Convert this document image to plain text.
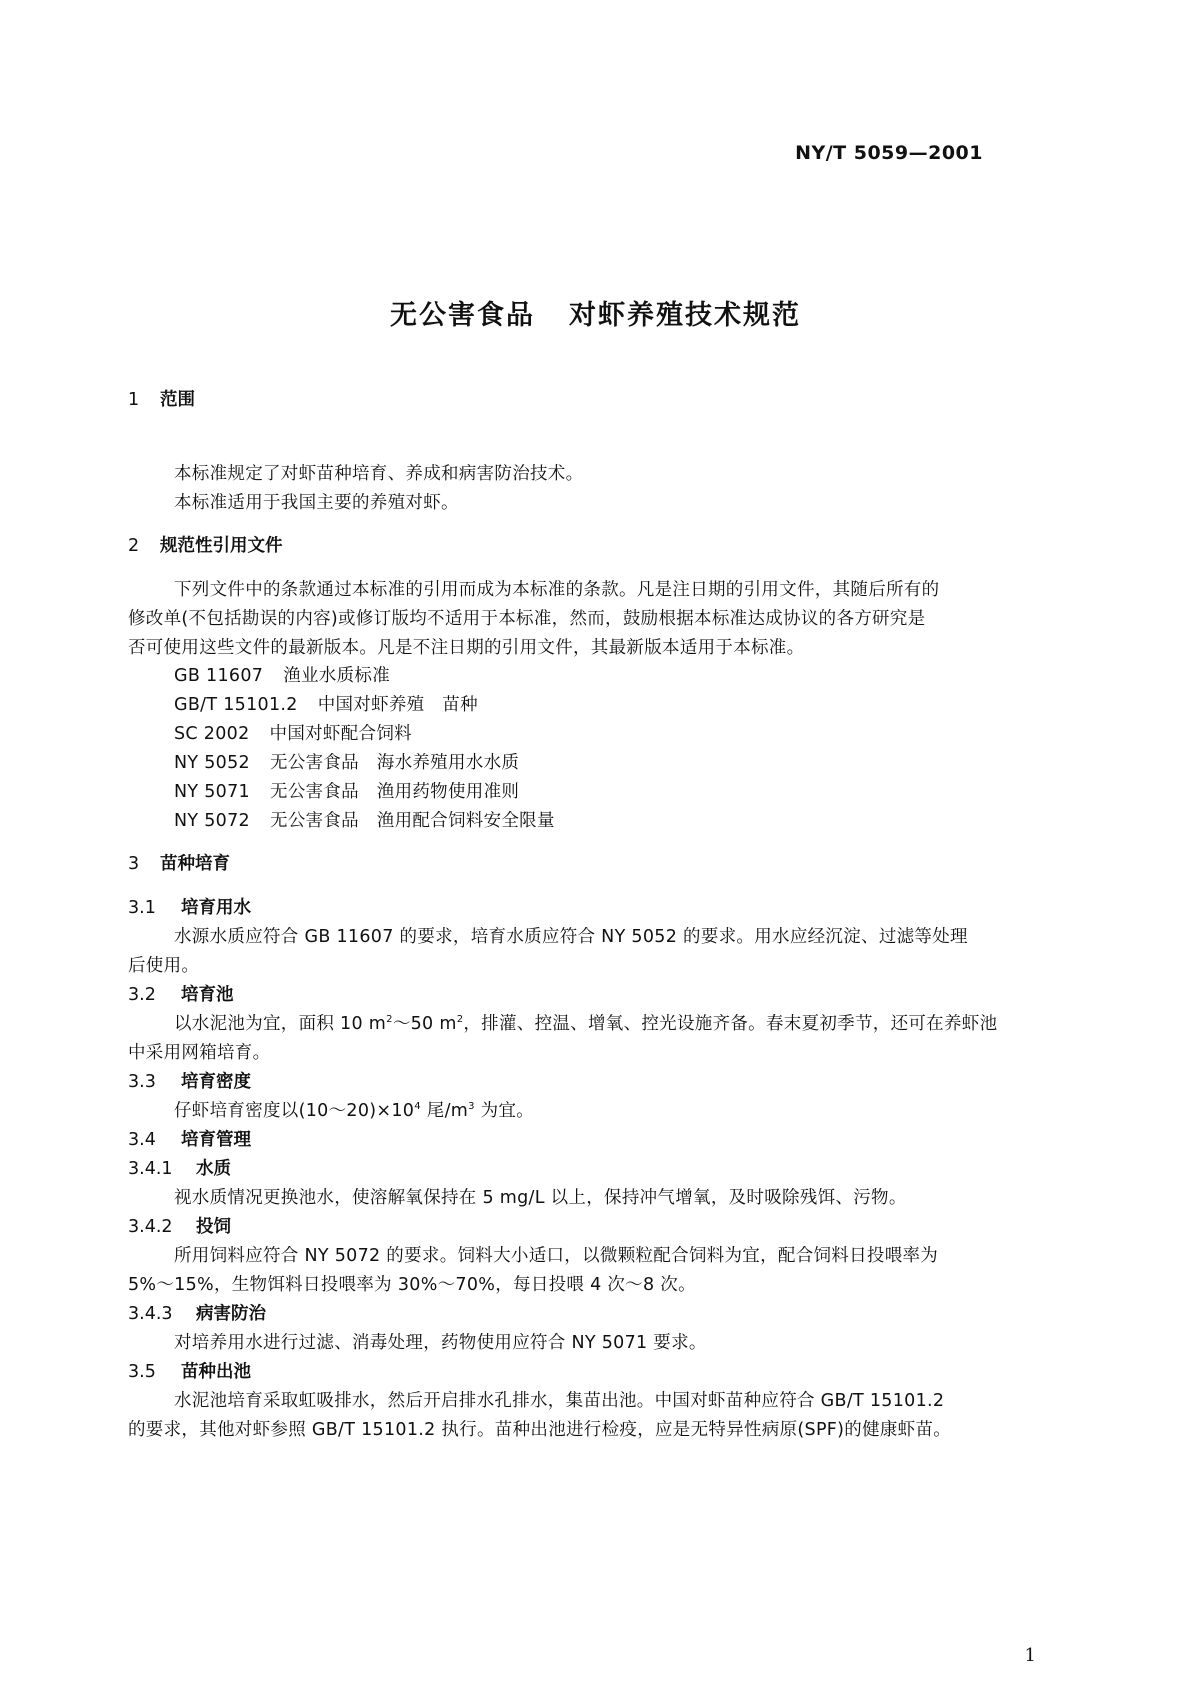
NY/T 5059—2001
无公害食品 对虾养殖技术规范
1 范围
本标准规定了对虾苗种培育、养成和病害防治技术。
本标准适用于我国主要的养殖对虾。
2 规范性引用文件
下列文件中的条款通过本标准的引用而成为本标准的条款。凡是注日期的引用文件，其随后所有的
修改单(不包括勘误的内容)或修订版均不适用于本标准，然而，鼓励根据本标准达成协议的各方研究是
否可使用这些文件的最新版本。凡是不注日期的引用文件，其最新版本适用于本标准。
GB 11607 渔业水质标准
GB/T 15101.2 中国对虾养殖　苗种
SC 2002 中国对虾配合饲料
NY 5052 无公害食品　海水养殖用水水质
NY 5071 无公害食品　渔用药物使用准则
NY 5072 无公害食品　渔用配合饲料安全限量
3 苗种培育
3.1 培育用水
水源水质应符合 GB 11607 的要求，培育水质应符合 NY 5052 的要求。用水应经沉淀、过滤等处理
后使用。
3.2 培育池
以水泥池为宜，面积 10 $m^2\sim 50$ $m^2$，排灌、控温、增氧、控光设施齐备。春末夏初季节，还可在养虾池
中采用网箱培育。
3.3 培育密度
仔虾培育密度以$(10\sim 20)\times 10^4$ 尾$/m^3$ 为宜。
3.4 培育管理
3.4.1 水质
视水质情况更换池水，使溶解氧保持在 5 mg/L 以上，保持冲气增氧，及时吸除残饵、污物。
3.4.2 投饲
所用饲料应符合 NY 5072 的要求。饲料大小适口，以微颗粒配合饲料为宜，配合饲料日投喂率为
5%～15%，生物饵料日投喂率为 30%～70%，每日投喂 4 次～8 次。
3.4.3 病害防治
对培养用水进行过滤、消毒处理，药物使用应符合 NY 5071 要求。
3.5 苗种出池
水泥池培育采取虹吸排水，然后开启排水孔排水，集苗出池。中国对虾苗种应符合 GB/T 15101.2
的要求，其他对虾参照 GB/T 15101.2 执行。苗种出池进行检疫，应是无特异性病原(SPF)的健康虾苗。
1
